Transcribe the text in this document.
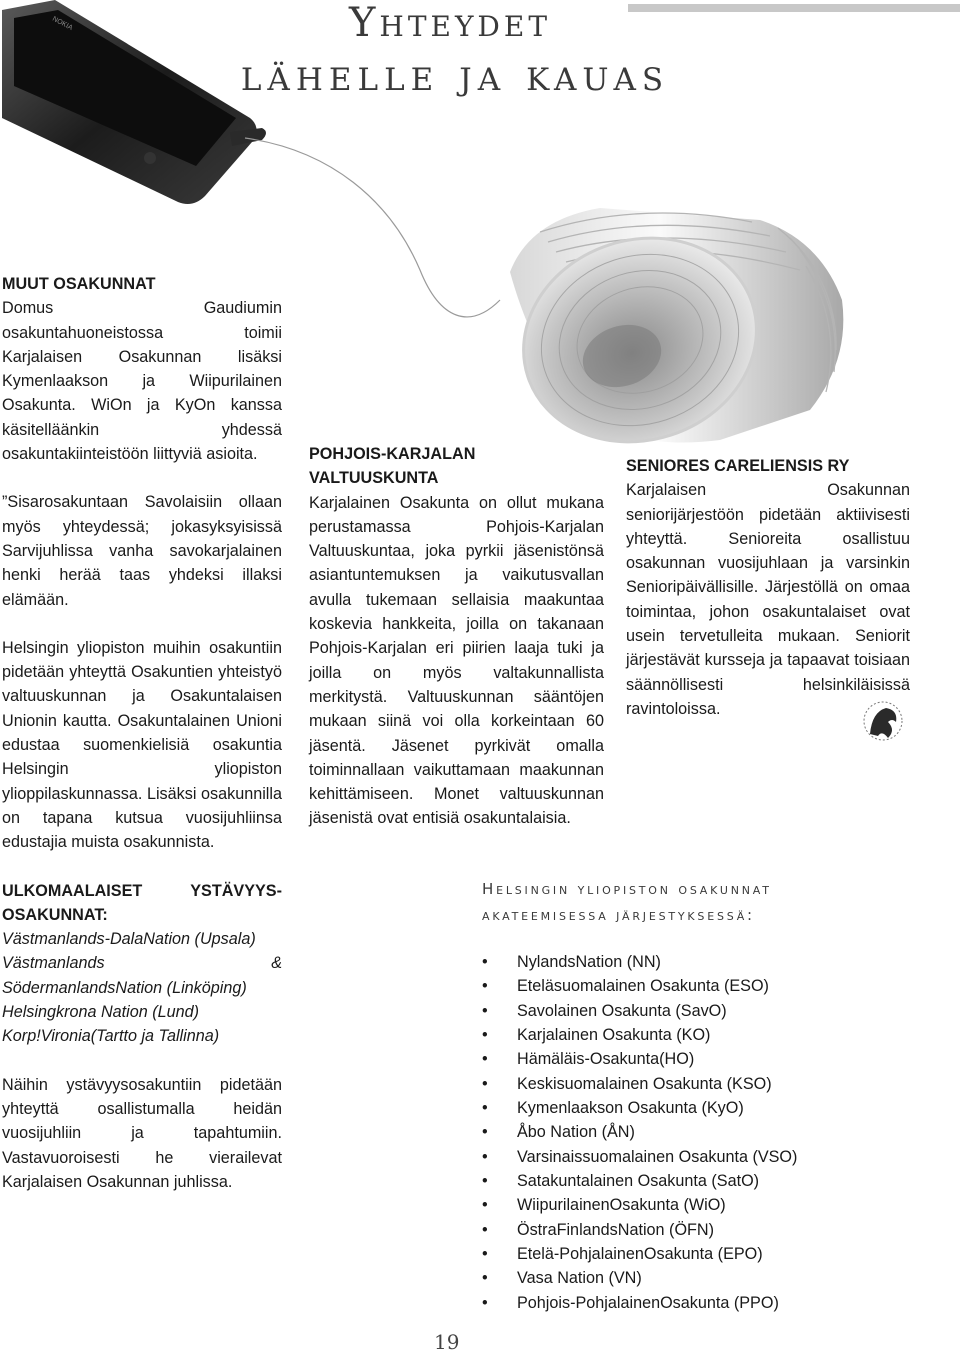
Yhteydet
lähelle ja kauas
NOKIA

MUUT OSAKUNNAT

Domus Gaudiumin osakuntahuoneistossa toimii Karjalaisen Osakunnan lisäksi Kymenlaakson ja Wiipurilainen Osakunta. WiOn ja KyOn kanssa käsitelläänkin yhdessä osakuntakiinteistöön liittyviä asioita.

”Sisarosakuntaan Savolaisiin ollaan myös yhteydessä; jokasyksyisissä Sarvijuhlissa vanha savokarjalainen henki herää taas yhdeksi illaksi elämään.

Helsingin yliopiston muihin osakuntiin pidetään yhteyttä Osakuntien yhteistyö valtuuskunnan ja Osakuntalaisen Unionin kautta. Osakuntalainen Unioni edustaa suomenkielisiä osakuntia Helsingin yliopiston ylioppilaskunnassa. Lisäksi osakunnilla on tapana kutsua vuosijuhliinsa edustajia muista osakunnista.

ULKOMAALAISET YSTÄVYYS-OSAKUNNAT:

Västmanlands-DalaNation (Upsala)

Västmanlands & SödermanlandsNation (Linköping)

Helsingkrona Nation (Lund)

Korp!Vironia(Tartto ja Tallinna)

Näihin ystävyysosakuntiin pidetään yhteyttä osallistumalla heidän vuosijuhliin ja tapahtumiin. Vastavuoroisesti he vierailevat Karjalaisen Osakunnan juhlissa.

POHJOIS-KARJALAN VALTUUSKUNTA

Karjalainen Osakunta on ollut mukana perustamassa Pohjois-Karjalan Valtuuskuntaa, joka pyrkii jäsenistönsä asiantuntemuksen ja vaikutusvallan avulla tukemaan sellaisia maakuntaa koskevia hankkeita, joilla on takanaan Pohjois-Karjalan eri piirien laaja tuki ja joilla on myös valtakunnallista merkitystä. Valtuuskunnan sääntöjen mukaan siinä voi olla korkeintaan 60 jäsentä. Jäsenet pyrkivät omalla toiminnallaan vaikuttamaan maakunnan kehittämiseen. Monet valtuuskunnan jäsenistä ovat entisiä osakuntalaisia.

SENIORES CARELIENSIS RY

Karjalaisen Osakunnan seniorijärjestöön pidetään aktiivisesti yhteyttä. Senioreita osallistuu osakunnan vuosijuhlaan ja varsinkin Senioripäivällisille. Järjestöllä on omaa toimintaa, johon osakuntalaiset ovat usein tervetulleita mukaan. Seniorit järjestävät kursseja ja tapaavat toisiaan säännöllisesti helsinkiläisissä ravintoloissa.

Helsingin yliopiston osakunnat akateemisessa järjestyksessä:
• NylandsNation (NN)
• Eteläsuomalainen Osakunta (ESO)
• Savolainen Osakunta (SavO)
• Karjalainen Osakunta (KO)
• Hämäläis-Osakunta(HO)
• Keskisuomalainen Osakunta (KSO)
• Kymenlaakson Osakunta (KyO)
• Åbo Nation (ÅN)
• Varsinaissuomalainen Osakunta (VSO)
• Satakuntalainen Osakunta (SatO)
• WiipurilainenOsakunta (WiO)
• ÖstraFinlandsNation (ÖFN)
• Etelä-PohjalainenOsakunta (EPO)
• Vasa Nation (VN)
• Pohjois-PohjalainenOsakunta (PPO)
19
